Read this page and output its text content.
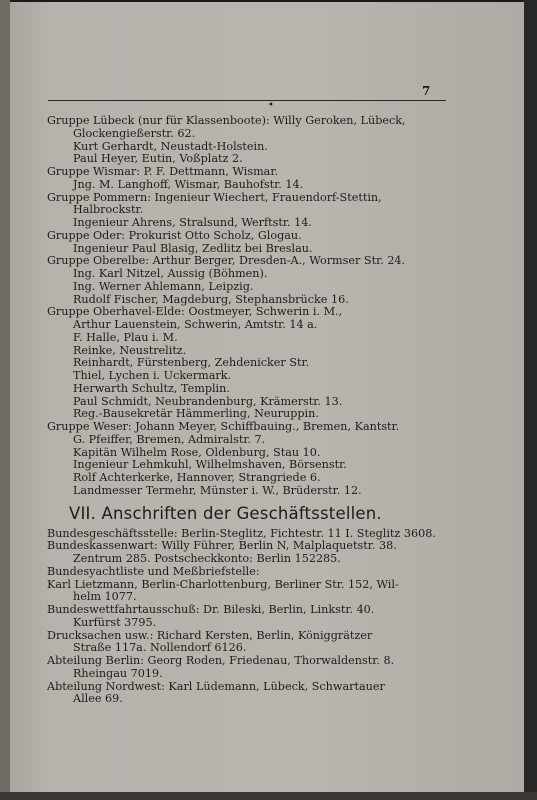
7
•
Gruppe Lübeck (nur für Klassenboote): Willy Geroken, Lübeck,
Glockengießerstr. 62.
Kurt Gerhardt, Neustadt-Holstein.
Paul Heyer, Eutin, Voßplatz 2.
Gruppe Wismar: P. F. Dettmann, Wismar.
Jng. M. Langhoff, Wismar, Bauhofstr. 14.
Gruppe Pommern: Ingenieur Wiechert, Frauendorf-Stettin,
Halbrockstr.
Ingenieur Ahrens, Stralsund, Werftstr. 14.
Gruppe Oder: Prokurist Otto Scholz, Glogau.
Ingenieur Paul Blasig, Zedlitz bei Breslau.
Gruppe Oberelbe: Arthur Berger, Dresden-A., Wormser Str. 24.
Ing. Karl Nitzel, Aussig (Böhmen).
Ing. Werner Ahlemann, Leipzig.
Rudolf Fischer, Magdeburg, Stephansbrücke 16.
Gruppe Oberhavel-Elde: Oostmeyer, Schwerin i. M.,
Arthur Lauenstein, Schwerin, Amtstr. 14 a.
F. Halle, Plau i. M.
Reinke, Neustrelitz.
Reinhardt, Fürstenberg, Zehdenicker Str.
Thiel, Lychen i. Uckermark.
Herwarth Schultz, Templin.
Paul Schmidt, Neubrandenburg, Krämerstr. 13.
Reg.-Bausekretär Hämmerling, Neuruppin.
Gruppe Weser: Johann Meyer, Schiffbauing., Bremen, Kantstr.
G. Pfeiffer, Bremen, Admiralstr. 7.
Kapitän Wilhelm Rose, Oldenburg, Stau 10.
Ingenieur Lehmkuhl, Wilhelmshaven, Börsenstr.
Rolf Achterkerke, Hannover, Strangriede 6.
Landmesser Termehr, Münster i. W., Brüderstr. 12.
VII. Anschriften der Geschäftsstellen.
Bundesgeschäftsstelle: Berlin-Steglitz, Fichtestr. 11 I. Steglitz 3608.
Bundeskassenwart: Willy Führer, Berlin N, Malplaquetstr. 38.
Zentrum 285. Postscheckkonto: Berlin 152285.
Bundesyachtliste und Meßbriefstelle:
Karl Lietzmann, Berlin-Charlottenburg, Berliner Str. 152, Wil-
helm 1077.
Bundeswettfahrtausschuß: Dr. Bileski, Berlin, Linkstr. 40.
Kurfürst 3795.
Drucksachen usw.: Richard Kersten, Berlin, Königgrätzer
Straße 117a. Nollendorf 6126.
Abteilung Berlin: Georg Roden, Friedenau, Thorwaldenstr. 8.
Rheingau 7019.
Abteilung Nordwest: Karl Lüdemann, Lübeck, Schwartauer
Allee 69.
